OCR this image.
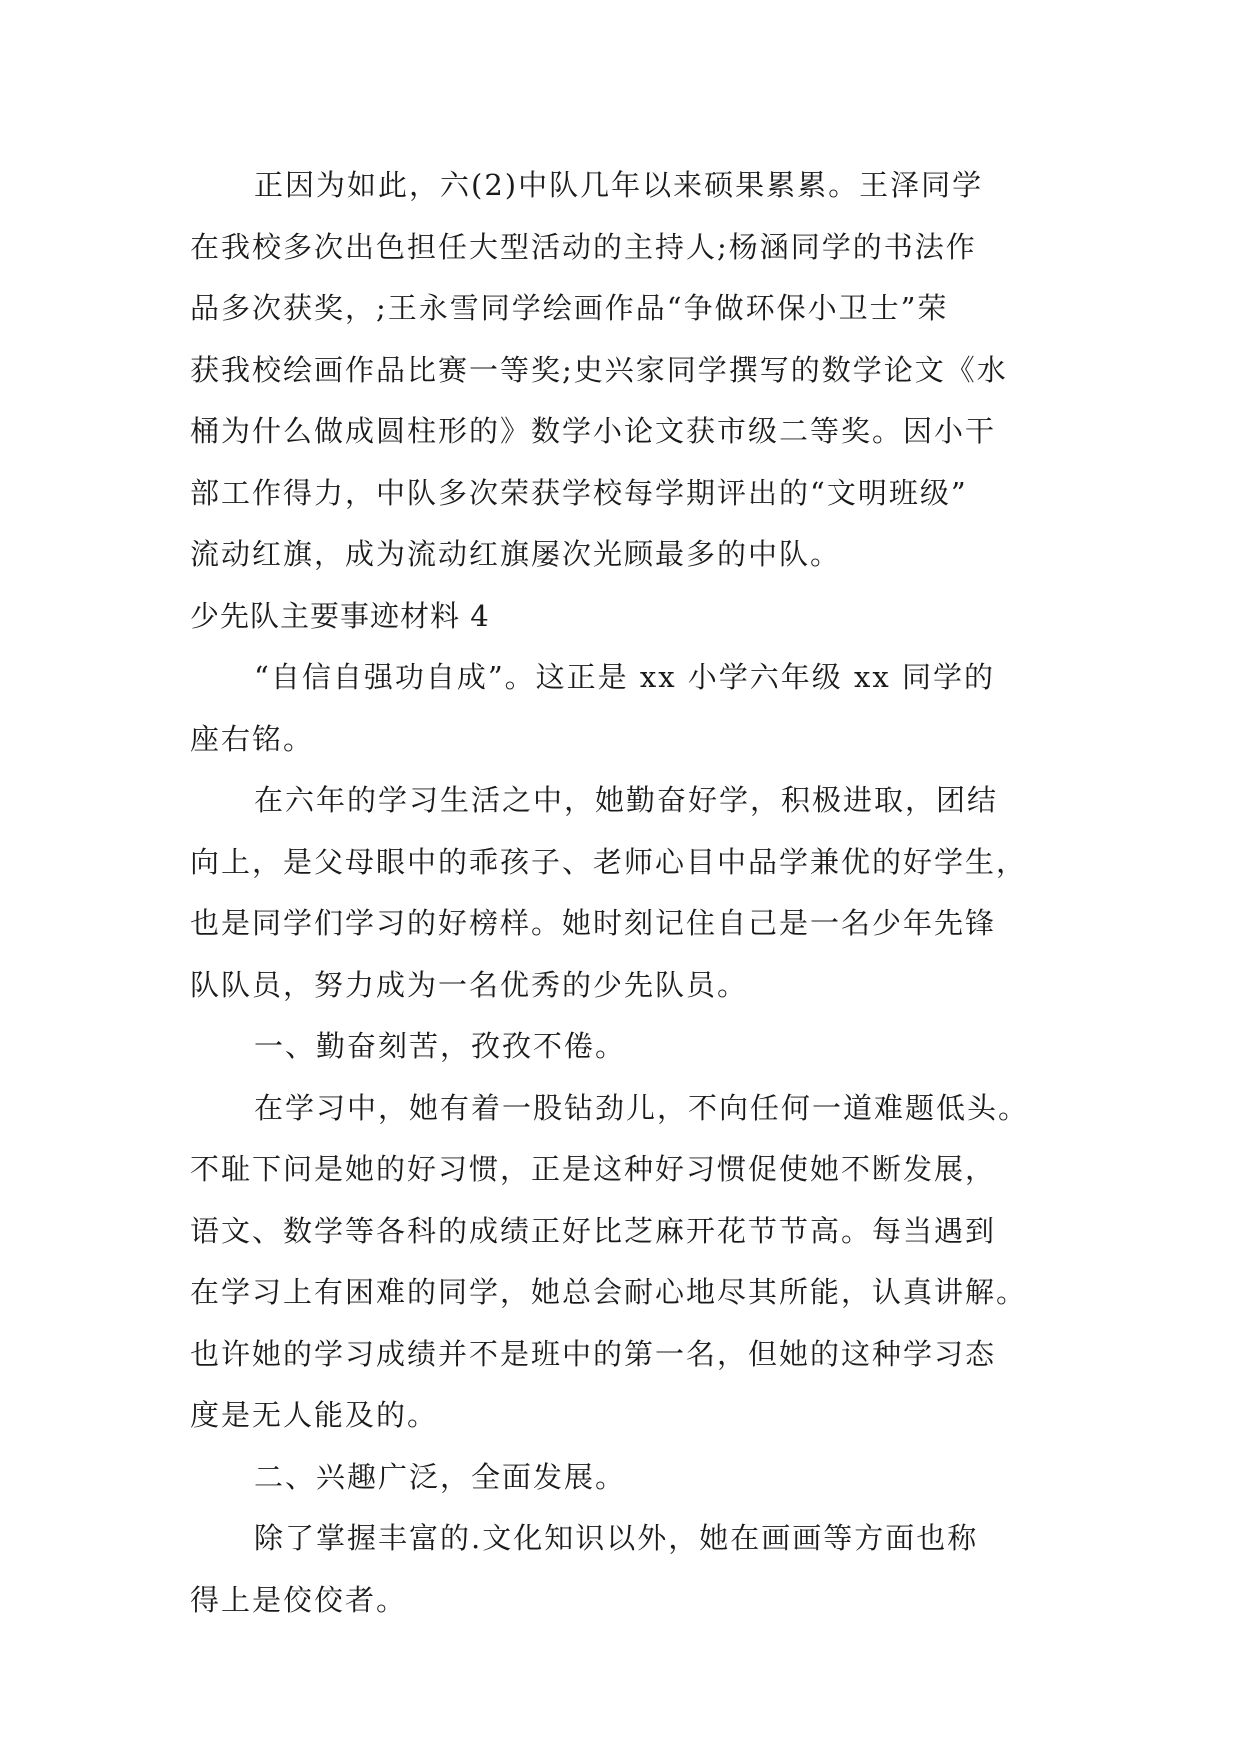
正因为如此，六(2)中队几年以来硕果累累。王泽同学
在我校多次出色担任大型活动的主持人;杨涵同学的书法作
品多次获奖，;王永雪同学绘画作品“争做环保小卫士”荣
获我校绘画作品比赛一等奖;史兴家同学撰写的数学论文《水
桶为什么做成圆柱形的》数学小论文获市级二等奖。因小干
部工作得力，中队多次荣获学校每学期评出的“文明班级”
流动红旗，成为流动红旗屡次光顾最多的中队。
少先队主要事迹材料 4
“自信自强功自成”。这正是 xx 小学六年级 xx 同学的
座右铭。
在六年的学习生活之中，她勤奋好学，积极进取，团结
向上，是父母眼中的乖孩子、老师心目中品学兼优的好学生，
也是同学们学习的好榜样。她时刻记住自己是一名少年先锋
队队员，努力成为一名优秀的少先队员。
一、勤奋刻苦，孜孜不倦。
在学习中，她有着一股钻劲儿，不向任何一道难题低头。
不耻下问是她的好习惯，正是这种好习惯促使她不断发展，
语文、数学等各科的成绩正好比芝麻开花节节高。每当遇到
在学习上有困难的同学，她总会耐心地尽其所能，认真讲解。
也许她的学习成绩并不是班中的第一名，但她的这种学习态
度是无人能及的。
二、兴趣广泛，全面发展。
除了掌握丰富的.文化知识以外，她在画画等方面也称
得上是佼佼者。
